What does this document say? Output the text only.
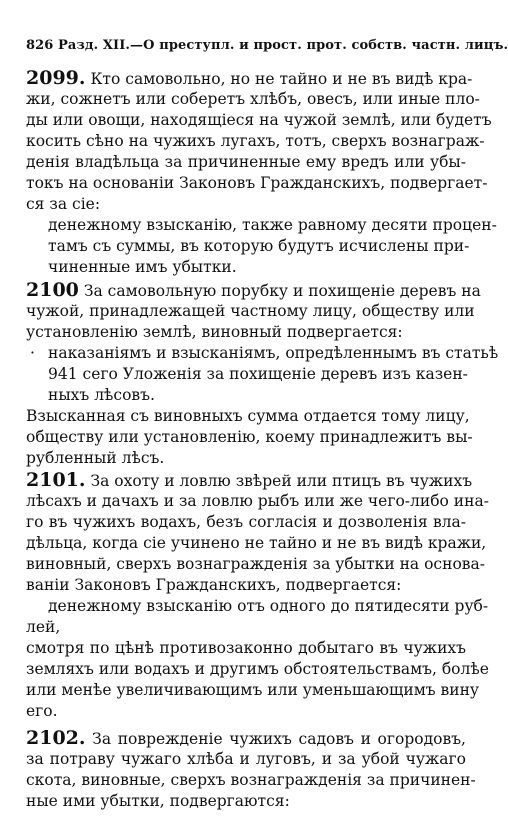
826 Разд. XII.—О преступл. и прост. прот. собств. частн. лицъ.
2099. Кто самовольно, но не тайно и не въ видѣ кра-
жи, сожнетъ или соберетъ хлѣбъ, овесъ, или иные пло-
ды или овощи, находящіеся на чужой землѣ, или будетъ
косить сѣно на чужихъ лугахъ, тотъ, сверхъ вознаграж-
денія владѣльца за причиненные ему вредъ или убы-
токъ на основаніи Законовъ Гражданскихъ, подвергает-
ся за сіе:
денежному взысканію, также равному десяти процен-
тамъ съ суммы, въ которую будутъ исчислены при-
чиненные имъ убытки.
2100 За самовольную порубку и похищеніе деревъ на
чужой, принадлежащей частному лицу, обществу или
установленію землѣ, виновный подвергается:
· наказаніямъ и взысканіямъ, опредѣленнымъ въ статьѣ
941 сего Уложенія за похищеніе деревъ изъ казен-
ныхъ лѣсовъ.
Взысканная съ виновныхъ сумма отдается тому лицу,
обществу или установленію, коему принадлежитъ вы-
рубленный лѣсъ.
2101. За охоту и ловлю звѣрей или птицъ въ чужихъ
лѣсахъ и дачахъ и за ловлю рыбъ или же чего-либо ина-
го въ чужихъ водахъ, безъ согласія и дозволенія вла-
дѣльца, когда сіе учинено не тайно и не въ видѣ кражи,
виновный, сверхъ вознагражденія за убытки на основа-
ваніи Законовъ Гражданскихъ, подвергается:
денежному взысканію отъ одного до пятидесяти руб-
лей,
смотря по цѣнѣ противозаконно добытаго въ чужихъ
земляхъ или водахъ и другимъ обстоятельствамъ, болѣе
или менѣе увеличивающимъ или уменьшающимъ вину
его.
2102. За поврежденіе чужихъ садовъ и огородовъ,
за потраву чужаго хлѣба и луговъ, и за убой чужаго
скота, виновные, сверхъ вознагражденія за причинен-
ные ими убытки, подвергаются:
